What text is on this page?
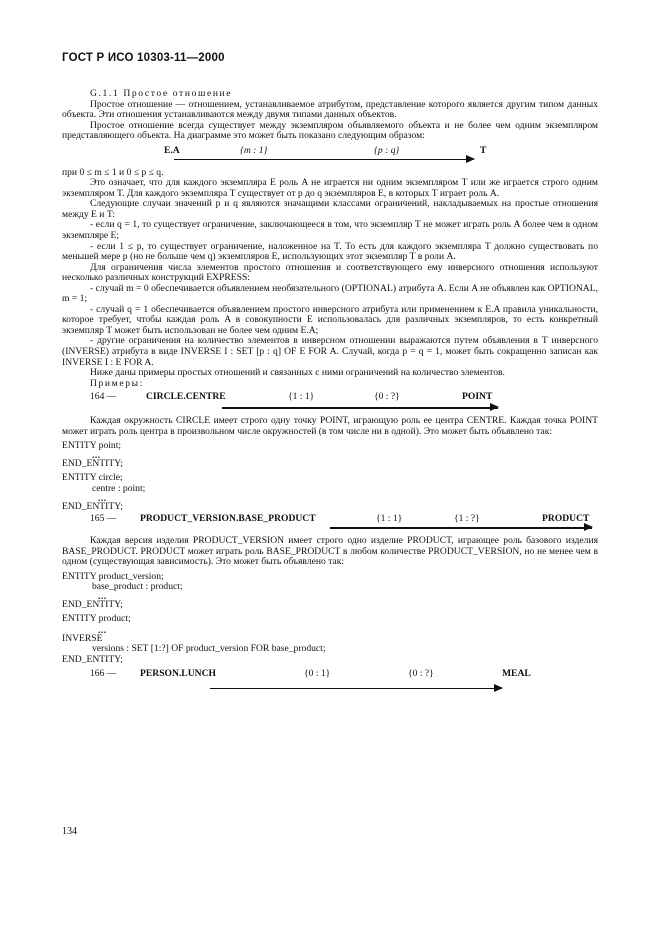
ГОСТ Р ИСО 10303-11—2000

G.1.1 Простое отношение

Простое отношение — отношением, устанавливаемое атрибутом, представление которого является другим типом данных объекта. Эти отношения устанавливаются между двумя типами данных объектов.

Простое отношение всегда существует между экземпляром объявляемого объекта и не более чем одним экземпляром представляющего объекта. На диаграмме это может быть показано следующим образом:

E.A	{m : 1}	{p : q}	T

при 0 ≤ m ≤ 1 и 0 ≤ p ≤ q.

Это означает, что для каждого экземпляра E роль A не играется ни одним экземпляром T или же играется строго одним экземпляром T. Для каждого экземпляра T существует от p до q экземпляров E, в которых T играет роль A.

Следующие случаи значений p и q являются значащими классами ограничений, накладываемых на простые отношения между E и T:

- если q = 1, то существует ограничение, заключающееся в том, что экземпляр T не может играть роль A более чем в одном экземпляре E;

- если 1 ≤ p, то существует ограничение, наложенное на T. То есть для каждого экземпляра T должно существовать по меньшей мере p (но не больше чем q) экземпляров E, использующих этот экземпляр T в роли A.

Для ограничения числа элементов простого отношения и соответствующего ему инверсного отношения используют несколько различных конструкций EXPRESS:

- случай m = 0 обеспечивается объявлением необязательного (OPTIONAL) атрибута A. Если A не объявлен как OPTIONAL, m = 1;

- случай q = 1 обеспечивается объявлением простого инверсного атрибута или применением к E.A правила уникальности, которое требует, чтобы каждая роль A в совокупности E использовалась для различных экземпляров, то есть конкретный экземпляр T может быть использован не более чем одним E.A;

- другие ограничения на количество элементов в инверсном отношении выражаются путем объявления в T инверсного (INVERSE) атрибута в виде INVERSE I : SET [p : q] OF E FOR A. Случай, когда p = q = 1, может быть сокращенно записан как INVERSE I : E FOR A.

Ниже даны примеры простых отношений и связанных с ними ограничений на количество элементов.

Примеры:

164 —	CIRCLE.CENTRE	{1 : 1}	{0 : ?}	POINT

Каждая окружность CIRCLE имеет строго одну точку POINT, играющую роль ее центра CENTRE. Каждая точка POINT может играть роль центра в произвольном числе окружностей (в том числе ни в одной). Это может быть объявлено так:

ENTITY point;
...
END_ENTITY;
ENTITY circle;
centre : point;
...
END_ENTITY;
165 — PRODUCT_VERSION.BASE_PRODUCT	{1 : 1}	{1 : ?}	PRODUCT

Каждая версия изделия PRODUCT_VERSION имеет строго одно изделие PRODUCT, играющее роль базового изделия BASE_PRODUCT. PRODUCT может играть роль BASE_PRODUCT в любом количестве PRODUCT_VERSION, но не менее чем в одном (существующая зависимость). Это может быть объявлено так:

ENTITY product_version;
base_product : product;
...
END_ENTITY;
ENTITY product;
...
INVERSE
versions : SET [1:?] OF product_version FOR base_product;
END_ENTITY;
166 — PERSON.LUNCH	{0 : 1}	{0 : ?}	MEAL
134
